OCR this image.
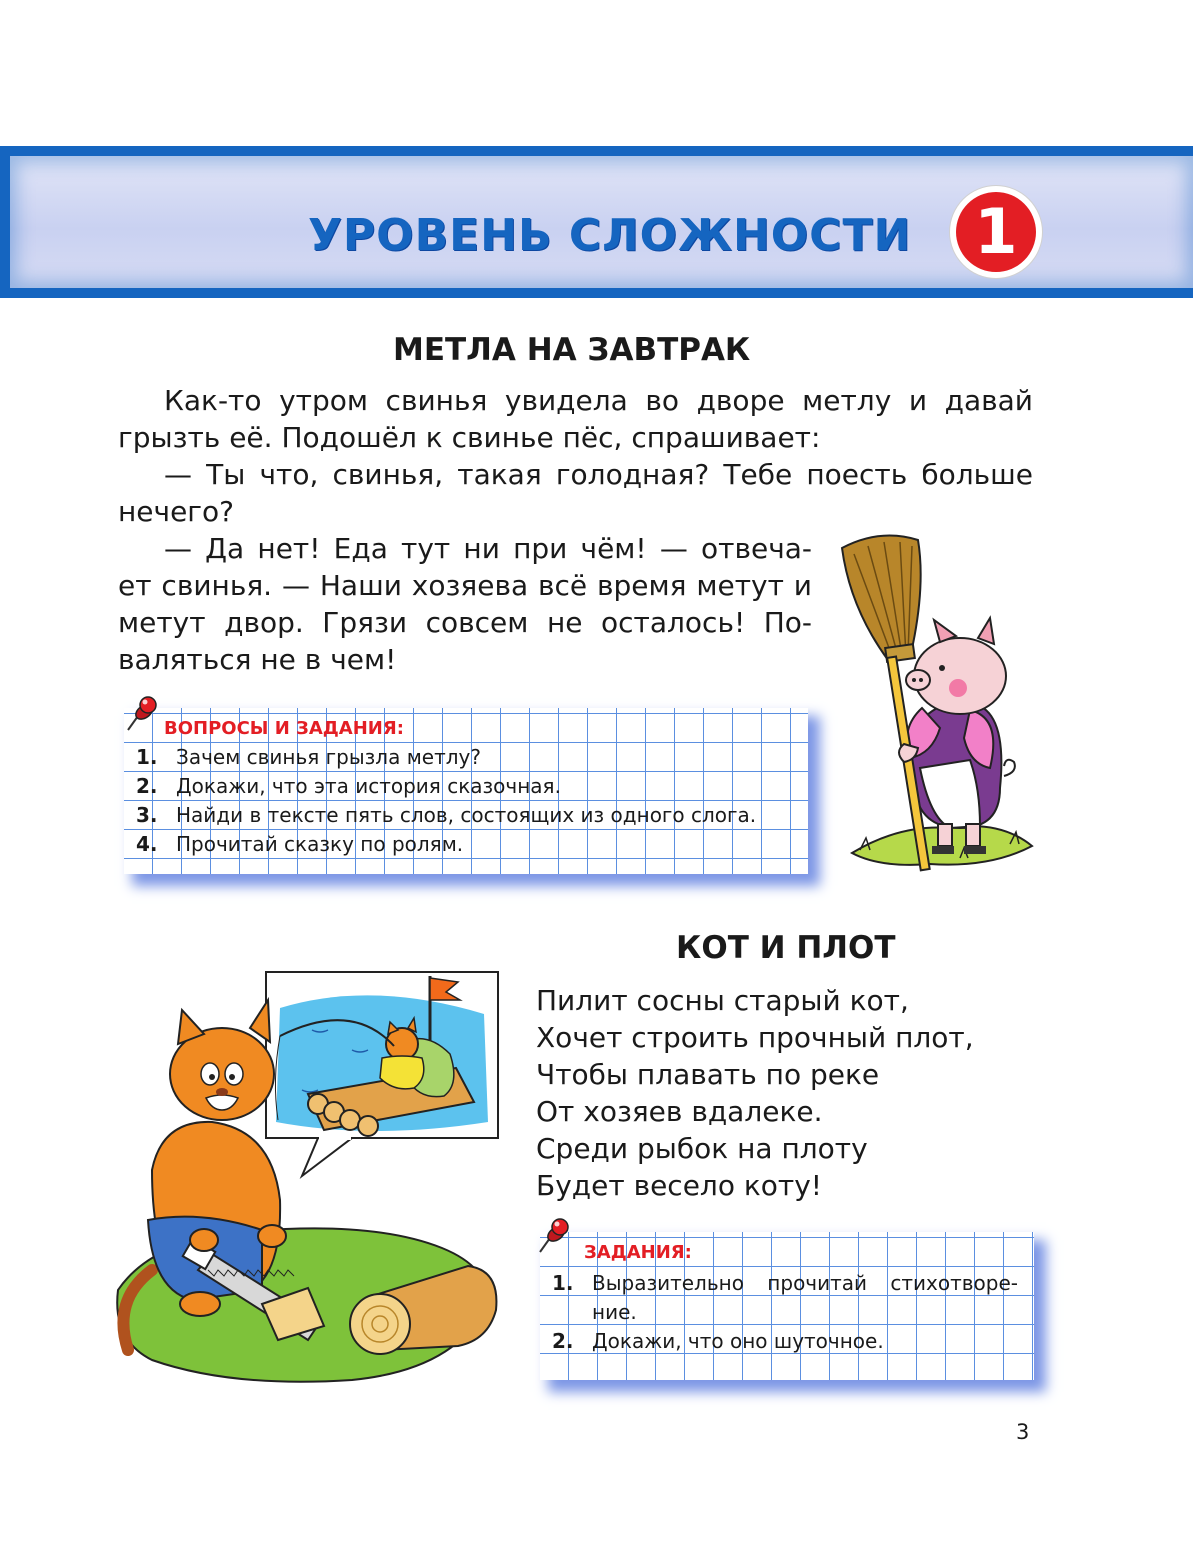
УРОВЕНЬ СЛОЖНОСТИ 1
МЕТЛА НА ЗАВТРАК

Как-то утром свинья увидела во дворе метлу и давай грызть её. Подошёл к свинье пёс, спрашивает:

— Ты что, свинья, такая голодная? Тебе поесть больше нечего?

— Да нет! Еда тут ни при чём! — отвеча- ет свинья. — Наши хозяева всё время метут и метут двор. Грязи совсем не осталось! По- валяться не в чем!

ВОПРОСЫ И ЗАДАНИЯ:
1. Зачем свинья грызла метлу?
2. Докажи, что эта история сказочная.
3. Найди в тексте пять слов, состоящих из одного слога.
4. Прочитай сказку по ролям.
КОТ И ПЛОТ

Пилит сосны старый кот,

Хочет строить прочный плот,

Чтобы плавать по реке

От хозяев вдалеке.

Среди рыбок на плоту

Будет весело коту!

ЗАДАНИЯ:
1. Выразительно прочитай стихотворе- ние.
2. Докажи, что оно шуточное.
3
